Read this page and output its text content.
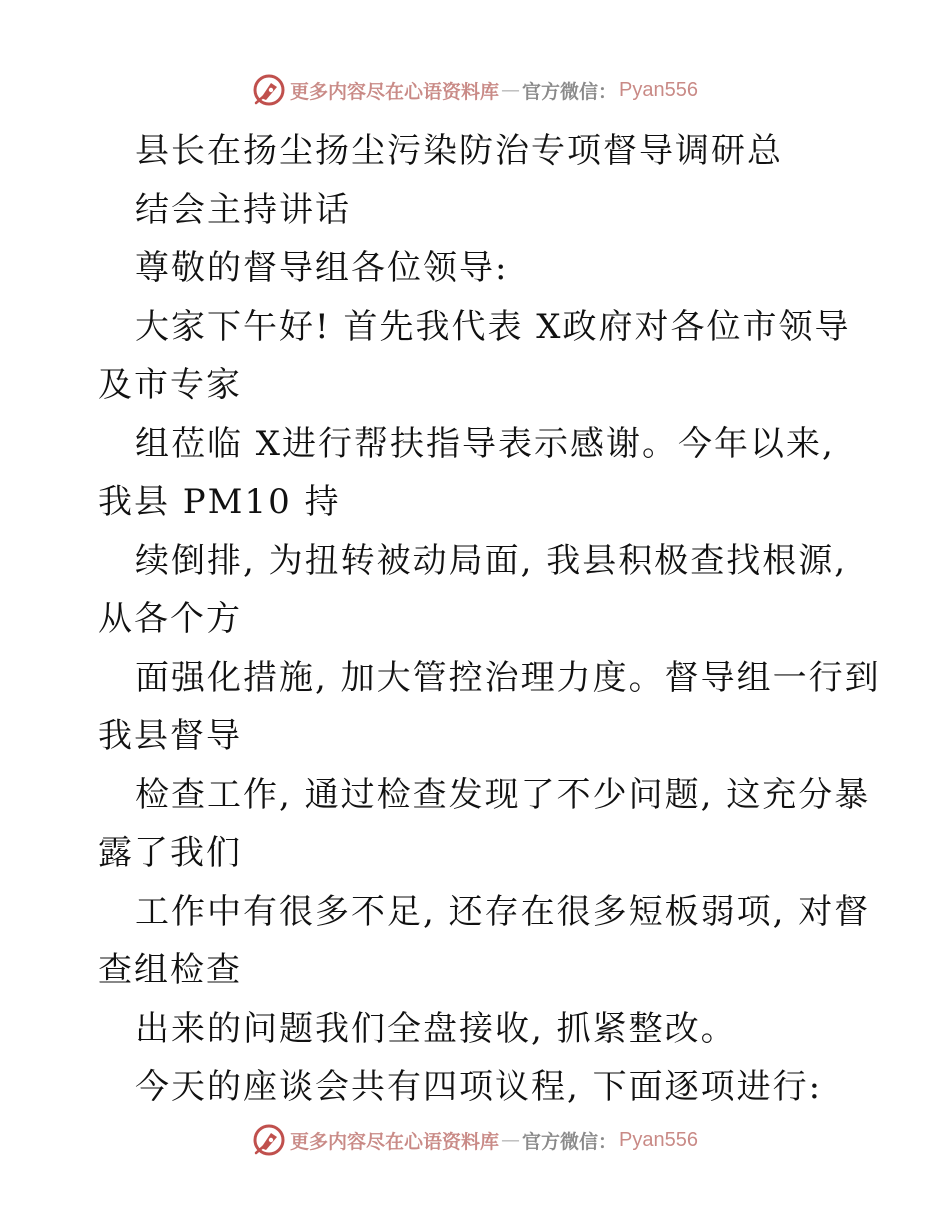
更多内容尽在心语资料库 — 官方微信： Pyan556
县长在扬尘扬尘污染防治专项督导调研总
结会主持讲话
尊敬的督导组各位领导:
大家下午好! 首先我代表 X政府对各位市领导
及市专家
组莅临 X进行帮扶指导表示感谢。今年以来,
我县 PM10 持
续倒排, 为扭转被动局面, 我县积极查找根源,
从各个方
面强化措施, 加大管控治理力度。督导组一行到
我县督导
检查工作, 通过检查发现了不少问题, 这充分暴
露了我们
工作中有很多不足, 还存在很多短板弱项, 对督
查组检查
出来的问题我们全盘接收, 抓紧整改。
今天的座谈会共有四项议程, 下面逐项进行:
更多内容尽在心语资料库 — 官方微信： Pyan556
